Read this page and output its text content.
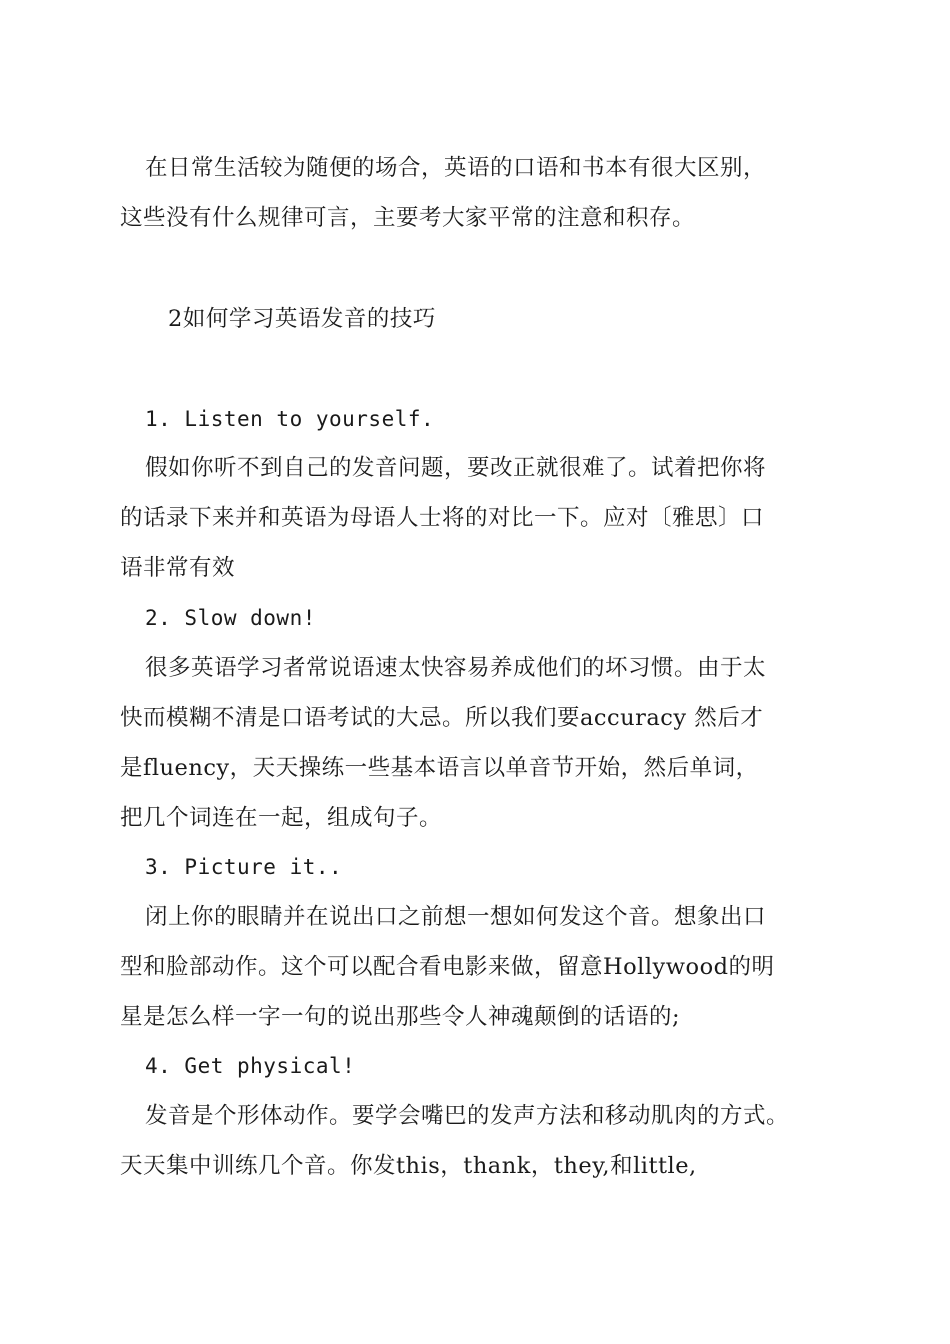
在日常生活较为随便的场合，英语的口语和书本有很大区别，
这些没有什么规律可言，主要考大家平常的注意和积存。
2如何学习英语发音的技巧
1. Listen to yourself.
假如你听不到自己的发音问题，要改正就很难了。试着把你将
的话录下来并和英语为母语人士将的对比一下。应对〔雅思〕口
语非常有效
2. Slow down!
很多英语学习者常说语速太快容易养成他们的坏习惯。由于太
快而模糊不清是口语考试的大忌。所以我们要accuracy 然后才
是fluency，天天操练一些基本语言以单音节开始，然后单词，
把几个词连在一起，组成句子。
3. Picture it..
闭上你的眼睛并在说出口之前想一想如何发这个音。想象出口
型和脸部动作。这个可以配合看电影来做，留意Hollywood的明
星是怎么样一字一句的说出那些令人神魂颠倒的话语的;
4. Get physical!
发音是个形体动作。要学会嘴巴的发声方法和移动肌肉的方式。
天天集中训练几个音。你发this，thank，they,和little,
